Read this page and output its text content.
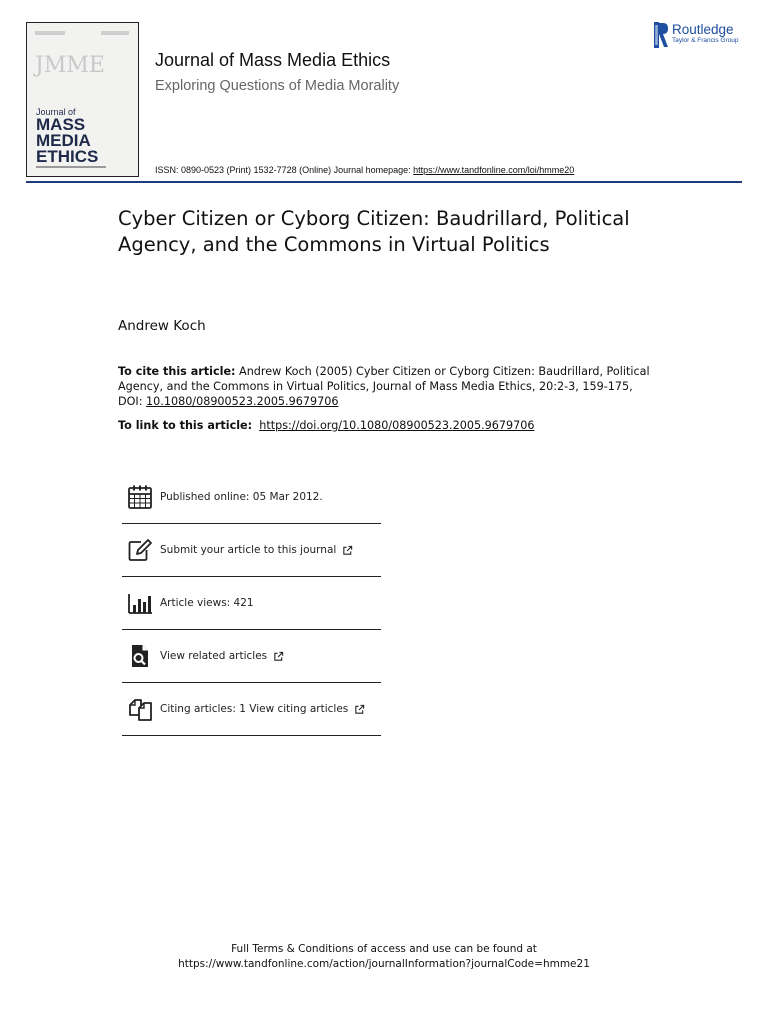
JMME
Journal of
MASS
MEDIA
ETHICS
Journal of Mass Media Ethics
Exploring Questions of Media Morality
ISSN: 0890-0523 (Print) 1532-7728 (Online) Journal homepage: https://www.tandfonline.com/loi/hmme20
Routledge
Taylor & Francis Group
Cyber Citizen or Cyborg Citizen: Baudrillard, Political Agency, and the Commons in Virtual Politics
Andrew Koch
To cite this article: Andrew Koch (2005) Cyber Citizen or Cyborg Citizen: Baudrillard, Political Agency, and the Commons in Virtual Politics, Journal of Mass Media Ethics, 20:2-3, 159-175, DOI: 10.1080/08900523.2005.9679706
To link to this article: https://doi.org/10.1080/08900523.2005.9679706
Published online: 05 Mar 2012.
Submit your article to this journal
Article views: 421
View related articles
Citing articles: 1 View citing articles
Full Terms & Conditions of access and use can be found at
https://www.tandfonline.com/action/journalInformation?journalCode=hmme21
